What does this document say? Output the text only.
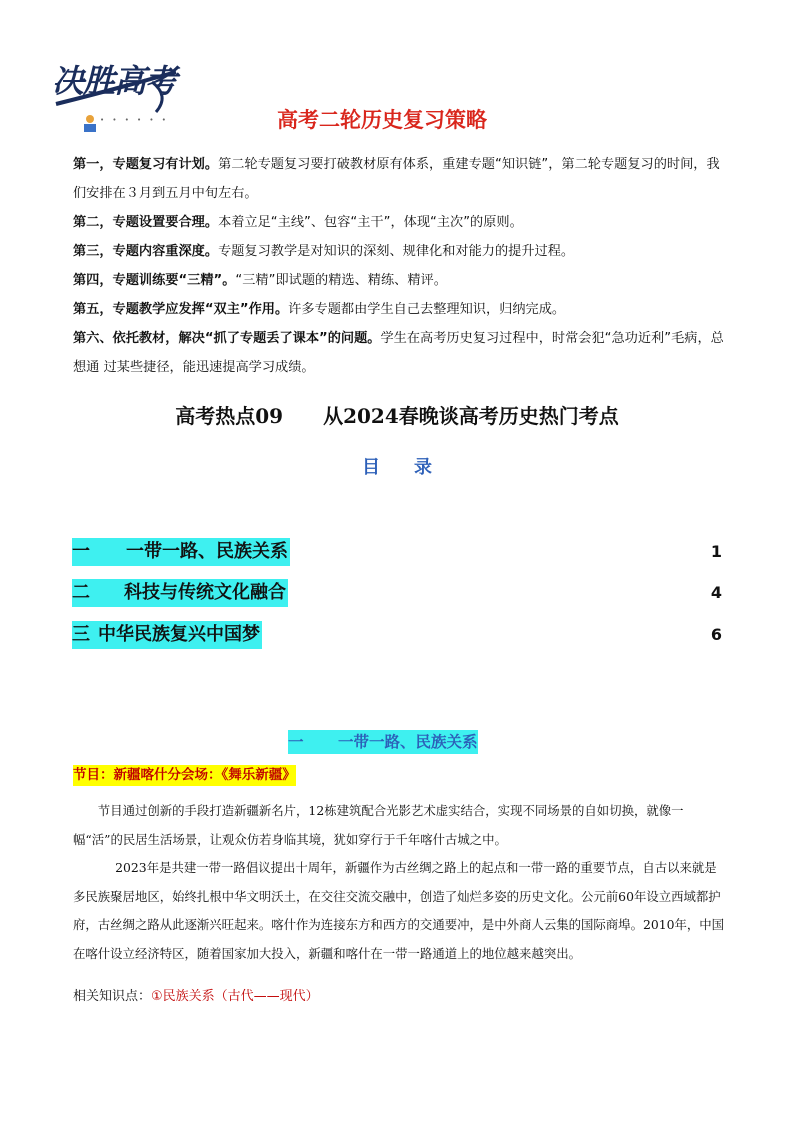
决胜高考
• • • • • •	高考二轮历史复习策略

第一，专题复习有计划。第二轮专题复习要打破教材原有体系，重建专题“知识链”，第二轮专题复习的时间，我们安排在３月到五月中旬左右。

第二，专题设置要合理。本着立足“主线”、包容“主干”，体现“主次”的原则。

第三，专题内容重深度。专题复习教学是对知识的深刻、规律化和对能力的提升过程。

第四，专题训练要“三精”。“三精”即试题的精选、精练、精评。

第五，专题教学应发挥“双主”作用。许多专题都由学生自己去整理知识，归纳完成。

第六、依托教材，解决“抓了专题丢了课本”的问题。学生在高考历史复习过程中，时常会犯“急功近利”毛病，总想通 过某些捷径，能迅速提高学习成绩。

高考热点09 从2024春晚谈高考历史热门考点
目录
一 一带一路、民族关系	1
二 科技与传统文化融合	4
三 中华民族复兴中国梦	6
一 一带一路、民族关系
节目：新疆喀什分会场：《舞乐新疆》

节目通过创新的手段打造新疆新名片，12栋建筑配合光影艺术虚实结合，实现不同场景的自如切换，就像一幅“活”的民居生活场景，让观众仿若身临其境，犹如穿行于千年喀什古城之中。

2023年是共建一带一路倡议提出十周年，新疆作为古丝绸之路上的起点和一带一路的重要节点，自古以来就是多民族聚居地区，始终扎根中华文明沃土，在交往交流交融中，创造了灿烂多姿的历史文化。公元前60年设立西域都护府，古丝绸之路从此逐渐兴旺起来。喀什作为连接东方和西方的交通要冲，是中外商人云集的国际商埠。2010年，中国在喀什设立经济特区，随着国家加大投入，新疆和喀什在一带一路通道上的地位越来越突出。

相关知识点：①民族关系（古代——现代）
